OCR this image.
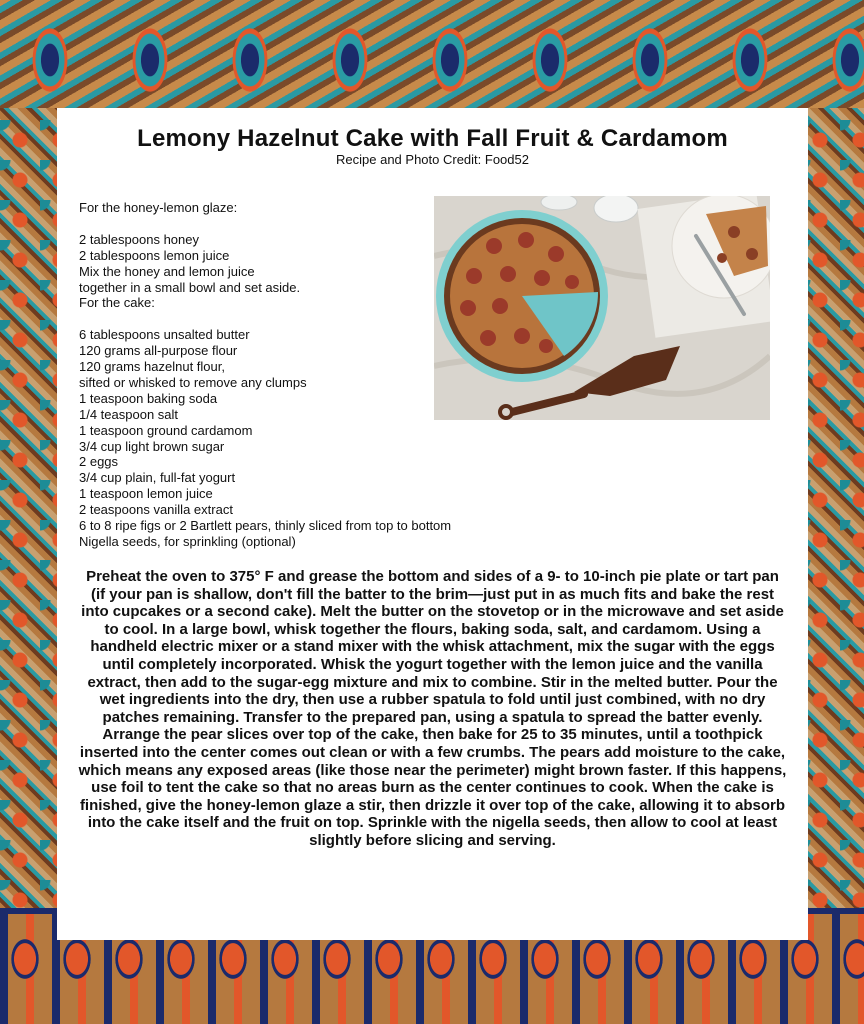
Lemony Hazelnut Cake with Fall Fruit & Cardamom
Recipe and Photo Credit: Food52
For the honey-lemon glaze:
2 tablespoons honey
2 tablespoons lemon juice
Mix the honey and lemon juice
together in a small bowl and set aside.
For the cake:
6 tablespoons unsalted butter
120 grams all-purpose flour
120 grams hazelnut flour,
sifted or whisked to remove any clumps
1 teaspoon baking soda
1/4 teaspoon salt
1 teaspoon ground cardamom
3/4 cup light brown sugar
2 eggs
3/4 cup plain, full-fat yogurt
1 teaspoon lemon juice
2 teaspoons vanilla extract
6 to 8 ripe figs or 2 Bartlett pears, thinly sliced from top to bottom
Nigella seeds, for sprinkling (optional)
Preheat the oven to 375° F and grease the bottom and sides of a 9- to 10-inch pie plate or tart pan (if your pan is shallow, don't fill the batter to the brim—just put in as much fits and bake the rest into cupcakes or a second cake). Melt the butter on the stovetop or in the microwave and set aside to cool. In a large bowl, whisk together the flours, baking soda, salt, and cardamom. Using a handheld electric mixer or a stand mixer with the whisk attachment, mix the sugar with the eggs until completely incorporated. Whisk the yogurt together with the lemon juice and the vanilla extract, then add to the sugar-egg mixture and mix to combine. Stir in the melted butter. Pour the wet ingredients into the dry, then use a rubber spatula to fold until just combined, with no dry patches remaining. Transfer to the prepared pan, using a spatula to spread the batter evenly. Arrange the pear slices over top of the cake, then bake for 25 to 35 minutes, until a toothpick inserted into the center comes out clean or with a few crumbs. The pears add moisture to the cake, which means any exposed areas (like those near the perimeter) might brown faster. If this happens, use foil to tent the cake so that no areas burn as the center continues to cook. When the cake is finished, give the honey-lemon glaze a stir, then drizzle it over top of the cake, allowing it to absorb into the cake itself and the fruit on top. Sprinkle with the nigella seeds, then allow to cool at least slightly before slicing and serving.
